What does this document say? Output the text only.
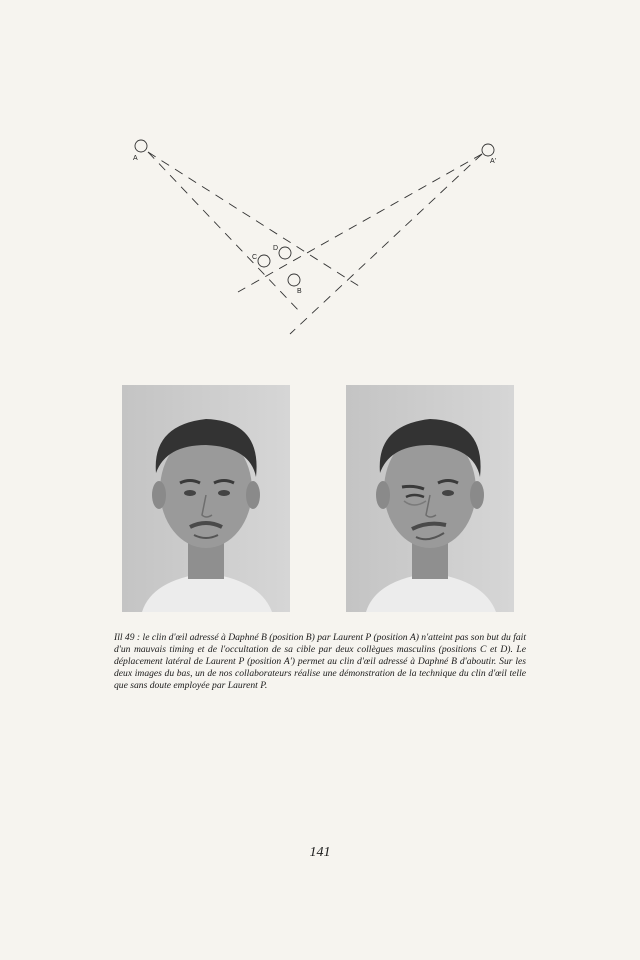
A	A'
B
C
D

Ill 49 : le clin d'œil adressé à Daphné B (position B) par Laurent P (position A) n'atteint pas son but du fait d'un mauvais timing et de l'occultation de sa cible par deux collègues masculins (positions C et D). Le déplacement latéral de Laurent P (position A') permet au clin d'œil adressé à Daphné B d'aboutir. Sur les deux images du bas, un de nos collaborateurs réalise une démonstration de la technique du clin d'œil telle que sans doute employée par Laurent P.

141
